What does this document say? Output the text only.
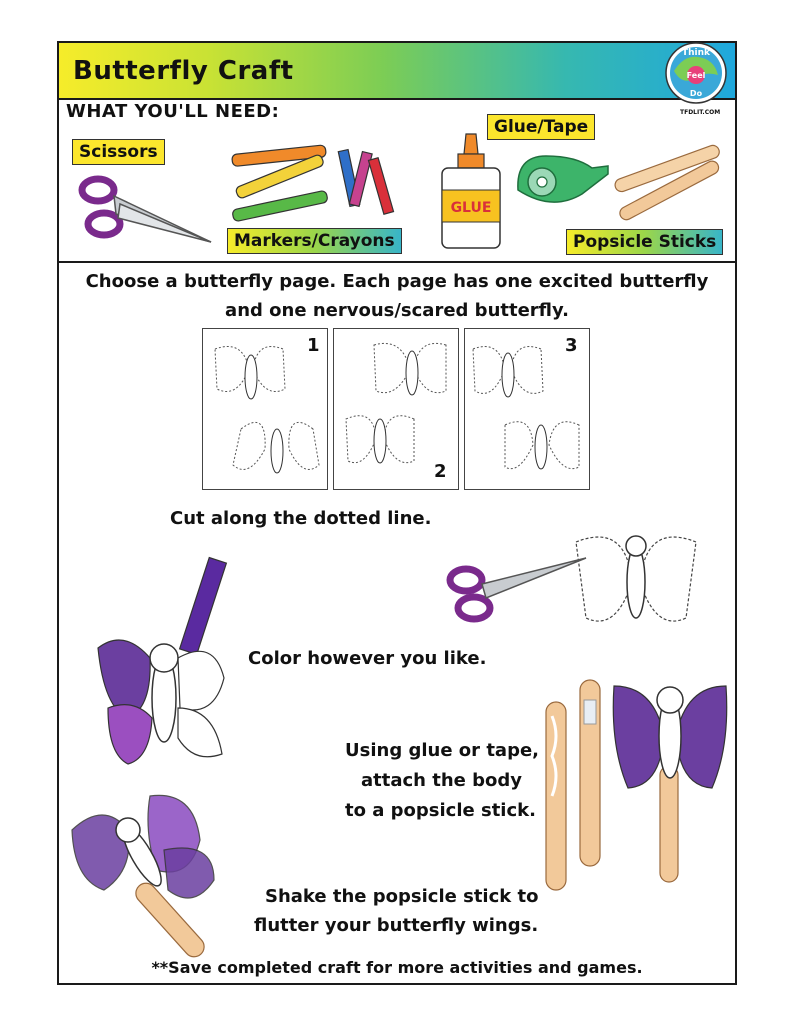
Butterfly Craft
Think
Feel
Do
TFDLIT.COM
WHAT YOU'LL NEED:
Scissors
Markers/Crayons
Glue/Tape
Popsicle Sticks
GLUE
Choose a butterfly page. Each page has one excited butterfly
and one nervous/scared butterfly.
1
2
3
Cut along the dotted line.
Color however you like.
Using glue or tape,
attach the body
to a popsicle stick.
Shake the popsicle stick to
flutter your butterfly wings.
**Save completed craft for more activities and games.
